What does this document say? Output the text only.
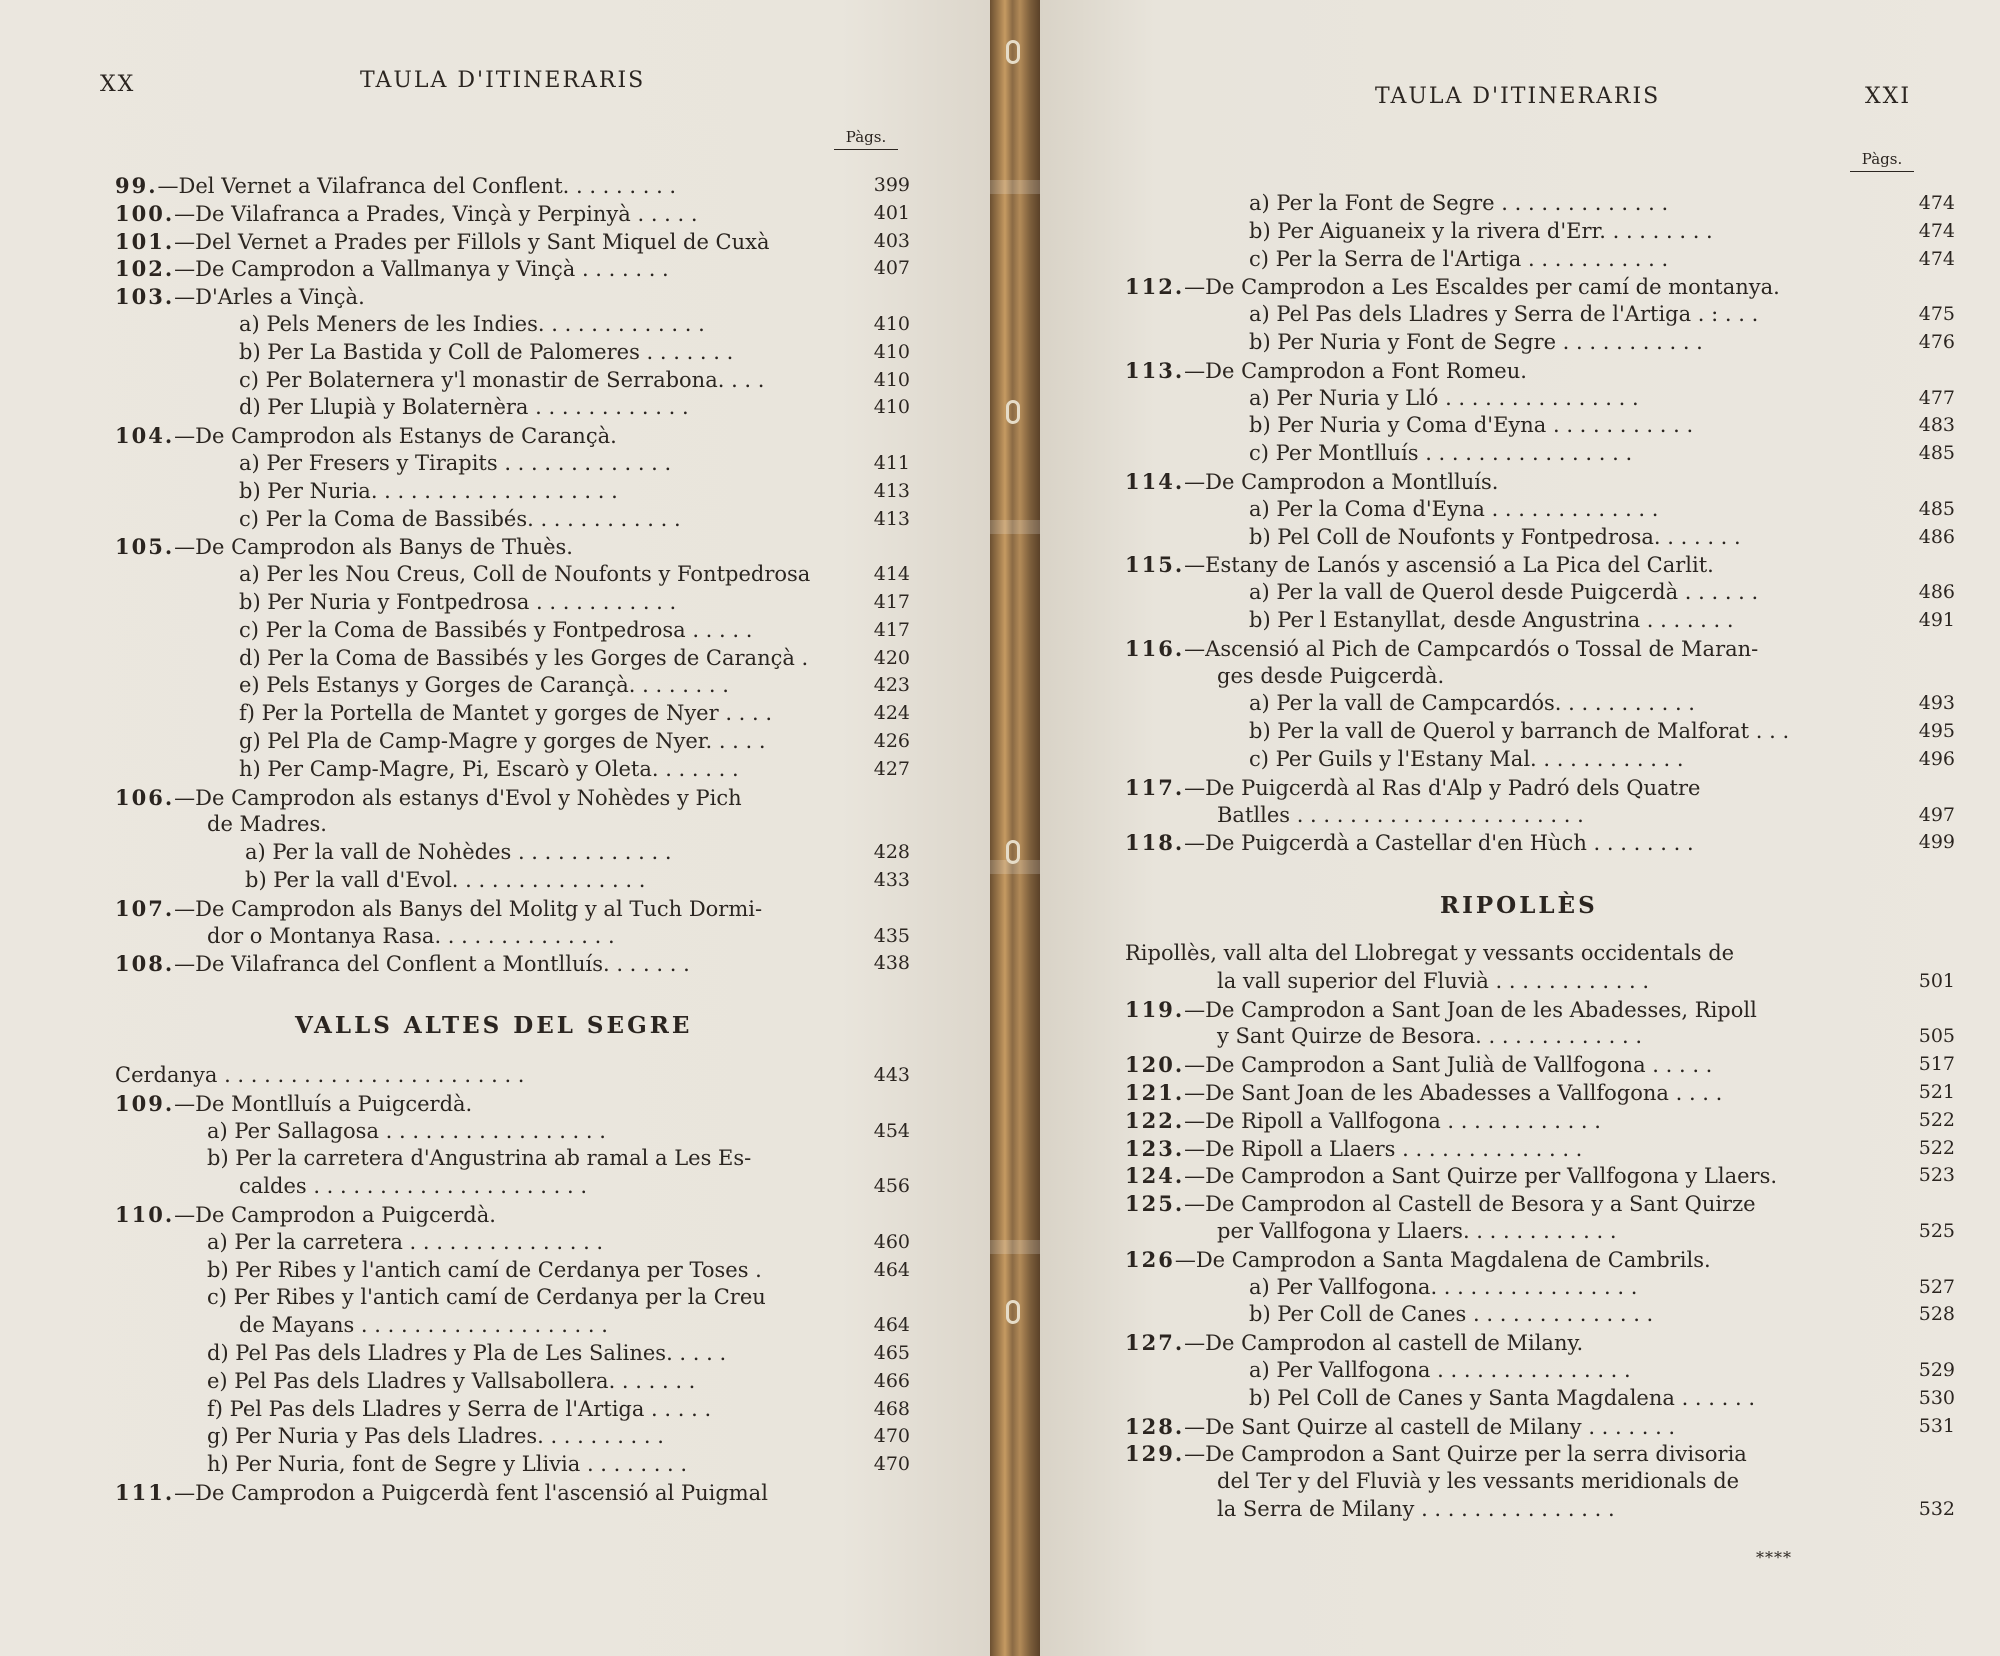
XX	TAULA D'ITINERARIS
Pàgs.
99.—Del Vernet a Vilafranca del Conflent. . . . . . . . .	399
100.—De Vilafranca a Prades, Vinçà y Perpinyà . . . . .	401
101.—Del Vernet a Prades per Fillols y Sant Miquel de Cuxà	403
102.—De Camprodon a Vallmanya y Vinçà . . . . . . .	407
103.—D'Arles a Vinçà.
a) Pels Meners de les Indies. . . . . . . . . . . . .	410
b) Per La Bastida y Coll de Palomeres . . . . . . .	410
c) Per Bolaternera y'l monastir de Serrabona. . . .	410
d) Per Llupià y Bolaternèra . . . . . . . . . . . .	410
104.—De Camprodon als Estanys de Carançà.
a) Per Fresers y Tirapits . . . . . . . . . . . . .	411
b) Per Nuria. . . . . . . . . . . . . . . . . . .	413
c) Per la Coma de Bassibés. . . . . . . . . . . .	413
105.—De Camprodon als Banys de Thuès.
a) Per les Nou Creus, Coll de Noufonts y Fontpedrosa	414
b) Per Nuria y Fontpedrosa . . . . . . . . . . .	417
c) Per la Coma de Bassibés y Fontpedrosa . . . . .	417
d) Per la Coma de Bassibés y les Gorges de Carançà .	420
e) Pels Estanys y Gorges de Carançà. . . . . . . .	423
f) Per la Portella de Mantet y gorges de Nyer . . . .	424
g) Pel Pla de Camp-Magre y gorges de Nyer. . . . .	426
h) Per Camp-Magre, Pi, Escarò y Oleta. . . . . . .	427
106.—De Camprodon als estanys d'Evol y Nohèdes y Pich
de Madres.
a) Per la vall de Nohèdes . . . . . . . . . . . .	428
b) Per la vall d'Evol. . . . . . . . . . . . . . .	433
107.—De Camprodon als Banys del Molitg y al Tuch Dormi-
dor o Montanya Rasa. . . . . . . . . . . . . .	435
108.—De Vilafranca del Conflent a Montlluís. . . . . . .	438
VALLS ALTES DEL SEGRE
Cerdanya . . . . . . . . . . . . . . . . . . . . . . .	443
109.—De Montlluís a Puigcerdà.
a) Per Sallagosa . . . . . . . . . . . . . . . . .	454
b) Per la carretera d'Angustrina ab ramal a Les Es-
caldes . . . . . . . . . . . . . . . . . . . . .	456
110.—De Camprodon a Puigcerdà.
a) Per la carretera . . . . . . . . . . . . . . .	460
b) Per Ribes y l'antich camí de Cerdanya per Toses .	464
c) Per Ribes y l'antich camí de Cerdanya per la Creu
de Mayans . . . . . . . . . . . . . . . . . . .	464
d) Pel Pas dels Lladres y Pla de Les Salines. . . . .	465
e) Pel Pas dels Lladres y Vallsabollera. . . . . . .	466
f) Pel Pas dels Lladres y Serra de l'Artiga . . . . .	468
g) Per Nuria y Pas dels Lladres. . . . . . . . . .	470
h) Per Nuria, font de Segre y Llivia . . . . . . . .	470
111.—De Camprodon a Puigcerdà fent l'ascensió al Puigmal
TAULA D'ITINERARIS	XXI
Pàgs.
a) Per la Font de Segre . . . . . . . . . . . . .	474
b) Per Aiguaneix y la rivera d'Err. . . . . . . . .	474
c) Per la Serra de l'Artiga . . . . . . . . . . .	474
112.—De Camprodon a Les Escaldes per camí de montanya.
a) Pel Pas dels Lladres y Serra de l'Artiga . : . . .	475
b) Per Nuria y Font de Segre . . . . . . . . . . .	476
113.—De Camprodon a Font Romeu.
a) Per Nuria y Lló . . . . . . . . . . . . . . .	477
b) Per Nuria y Coma d'Eyna . . . . . . . . . . .	483
c) Per Montlluís . . . . . . . . . . . . . . . .	485
114.—De Camprodon a Montlluís.
a) Per la Coma d'Eyna . . . . . . . . . . . . .	485
b) Pel Coll de Noufonts y Fontpedrosa. . . . . . .	486
115.—Estany de Lanós y ascensió a La Pica del Carlit.
a) Per la vall de Querol desde Puigcerdà . . . . . .	486
b) Per l Estanyllat, desde Angustrina . . . . . . .	491
116.—Ascensió al Pich de Campcardós o Tossal de Maran-
ges desde Puigcerdà.
a) Per la vall de Campcardós. . . . . . . . . . .	493
b) Per la vall de Querol y barranch de Malforat . . .	495
c) Per Guils y l'Estany Mal. . . . . . . . . . . .	496
117.—De Puigcerdà al Ras d'Alp y Padró dels Quatre
Batlles . . . . . . . . . . . . . . . . . . . . . .	497
118.—De Puigcerdà a Castellar d'en Hùch . . . . . . . .	499
RIPOLLÈS
Ripollès, vall alta del Llobregat y vessants occidentals de
la vall superior del Fluvià . . . . . . . . . . . .	501
119.—De Camprodon a Sant Joan de les Abadesses, Ripoll
y Sant Quirze de Besora. . . . . . . . . . . . .	505
120.—De Camprodon a Sant Julià de Vallfogona . . . . .	517
121.—De Sant Joan de les Abadesses a Vallfogona . . . .	521
122.—De Ripoll a Vallfogona . . . . . . . . . . . .	522
123.—De Ripoll a Llaers . . . . . . . . . . . . . .	522
124.—De Camprodon a Sant Quirze per Vallfogona y Llaers.	523
125.—De Camprodon al Castell de Besora y a Sant Quirze
per Vallfogona y Llaers. . . . . . . . . . . .	525
126—De Camprodon a Santa Magdalena de Cambrils.
a) Per Vallfogona. . . . . . . . . . . . . . . .	527
b) Per Coll de Canes . . . . . . . . . . . . . .	528
127.—De Camprodon al castell de Milany.
a) Per Vallfogona . . . . . . . . . . . . . . .	529
b) Pel Coll de Canes y Santa Magdalena . . . . . .	530
128.—De Sant Quirze al castell de Milany . . . . . . .	531
129.—De Camprodon a Sant Quirze per la serra divisoria
del Ter y del Fluvià y les vessants meridionals de
la Serra de Milany . . . . . . . . . . . . . . .	532
****
